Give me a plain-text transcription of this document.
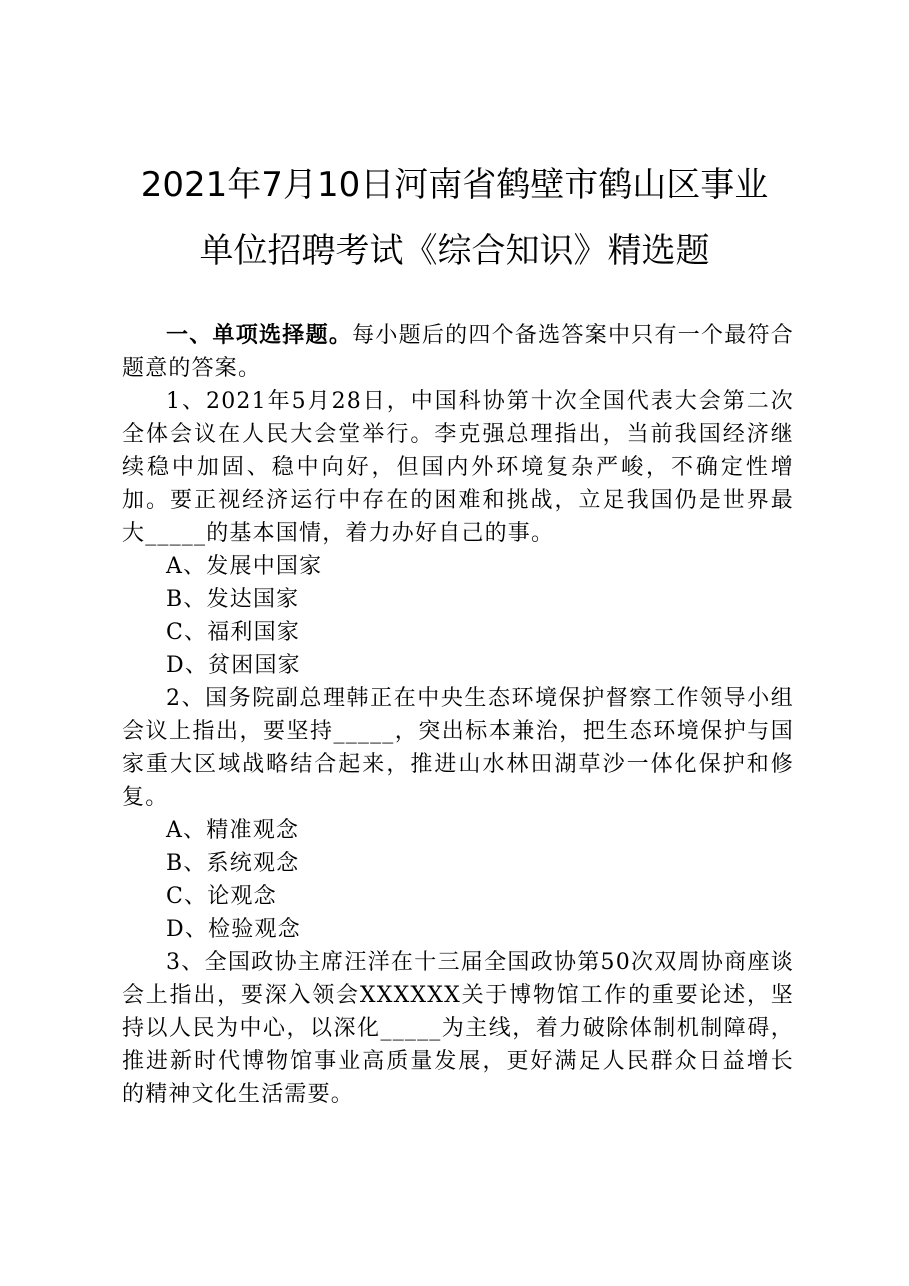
2021年7月10日河南省鹤壁市鹤山区事业
单位招聘考试《综合知识》精选题

一、单项选择题。每小题后的四个备选答案中只有一个最符合题意的答案。

1、2021年5月28日，中国科协第十次全国代表大会第二次全体会议在人民大会堂举行。李克强总理指出，当前我国经济继续稳中加固、稳中向好，但国内外环境复杂严峻，不确定性增加。要正视经济运行中存在的困难和挑战，立足我国仍是世界最大_____的基本国情，着力办好自己的事。

A、发展中国家
B、发达国家
C、福利国家
D、贫困国家

2、国务院副总理韩正在中央生态环境保护督察工作领导小组会议上指出，要坚持_____，突出标本兼治，把生态环境保护与国家重大区域战略结合起来，推进山水林田湖草沙一体化保护和修复。

A、精准观念
B、系统观念
C、论观念
D、检验观念

3、全国政协主席汪洋在十三届全国政协第50次双周协商座谈会上指出，要深入领会XXXXXX关于博物馆工作的重要论述，坚持以人民为中心，以深化_____为主线，着力破除体制机制障碍，推进新时代博物馆事业高质量发展，更好满足人民群众日益增长的精神文化生活需要。
